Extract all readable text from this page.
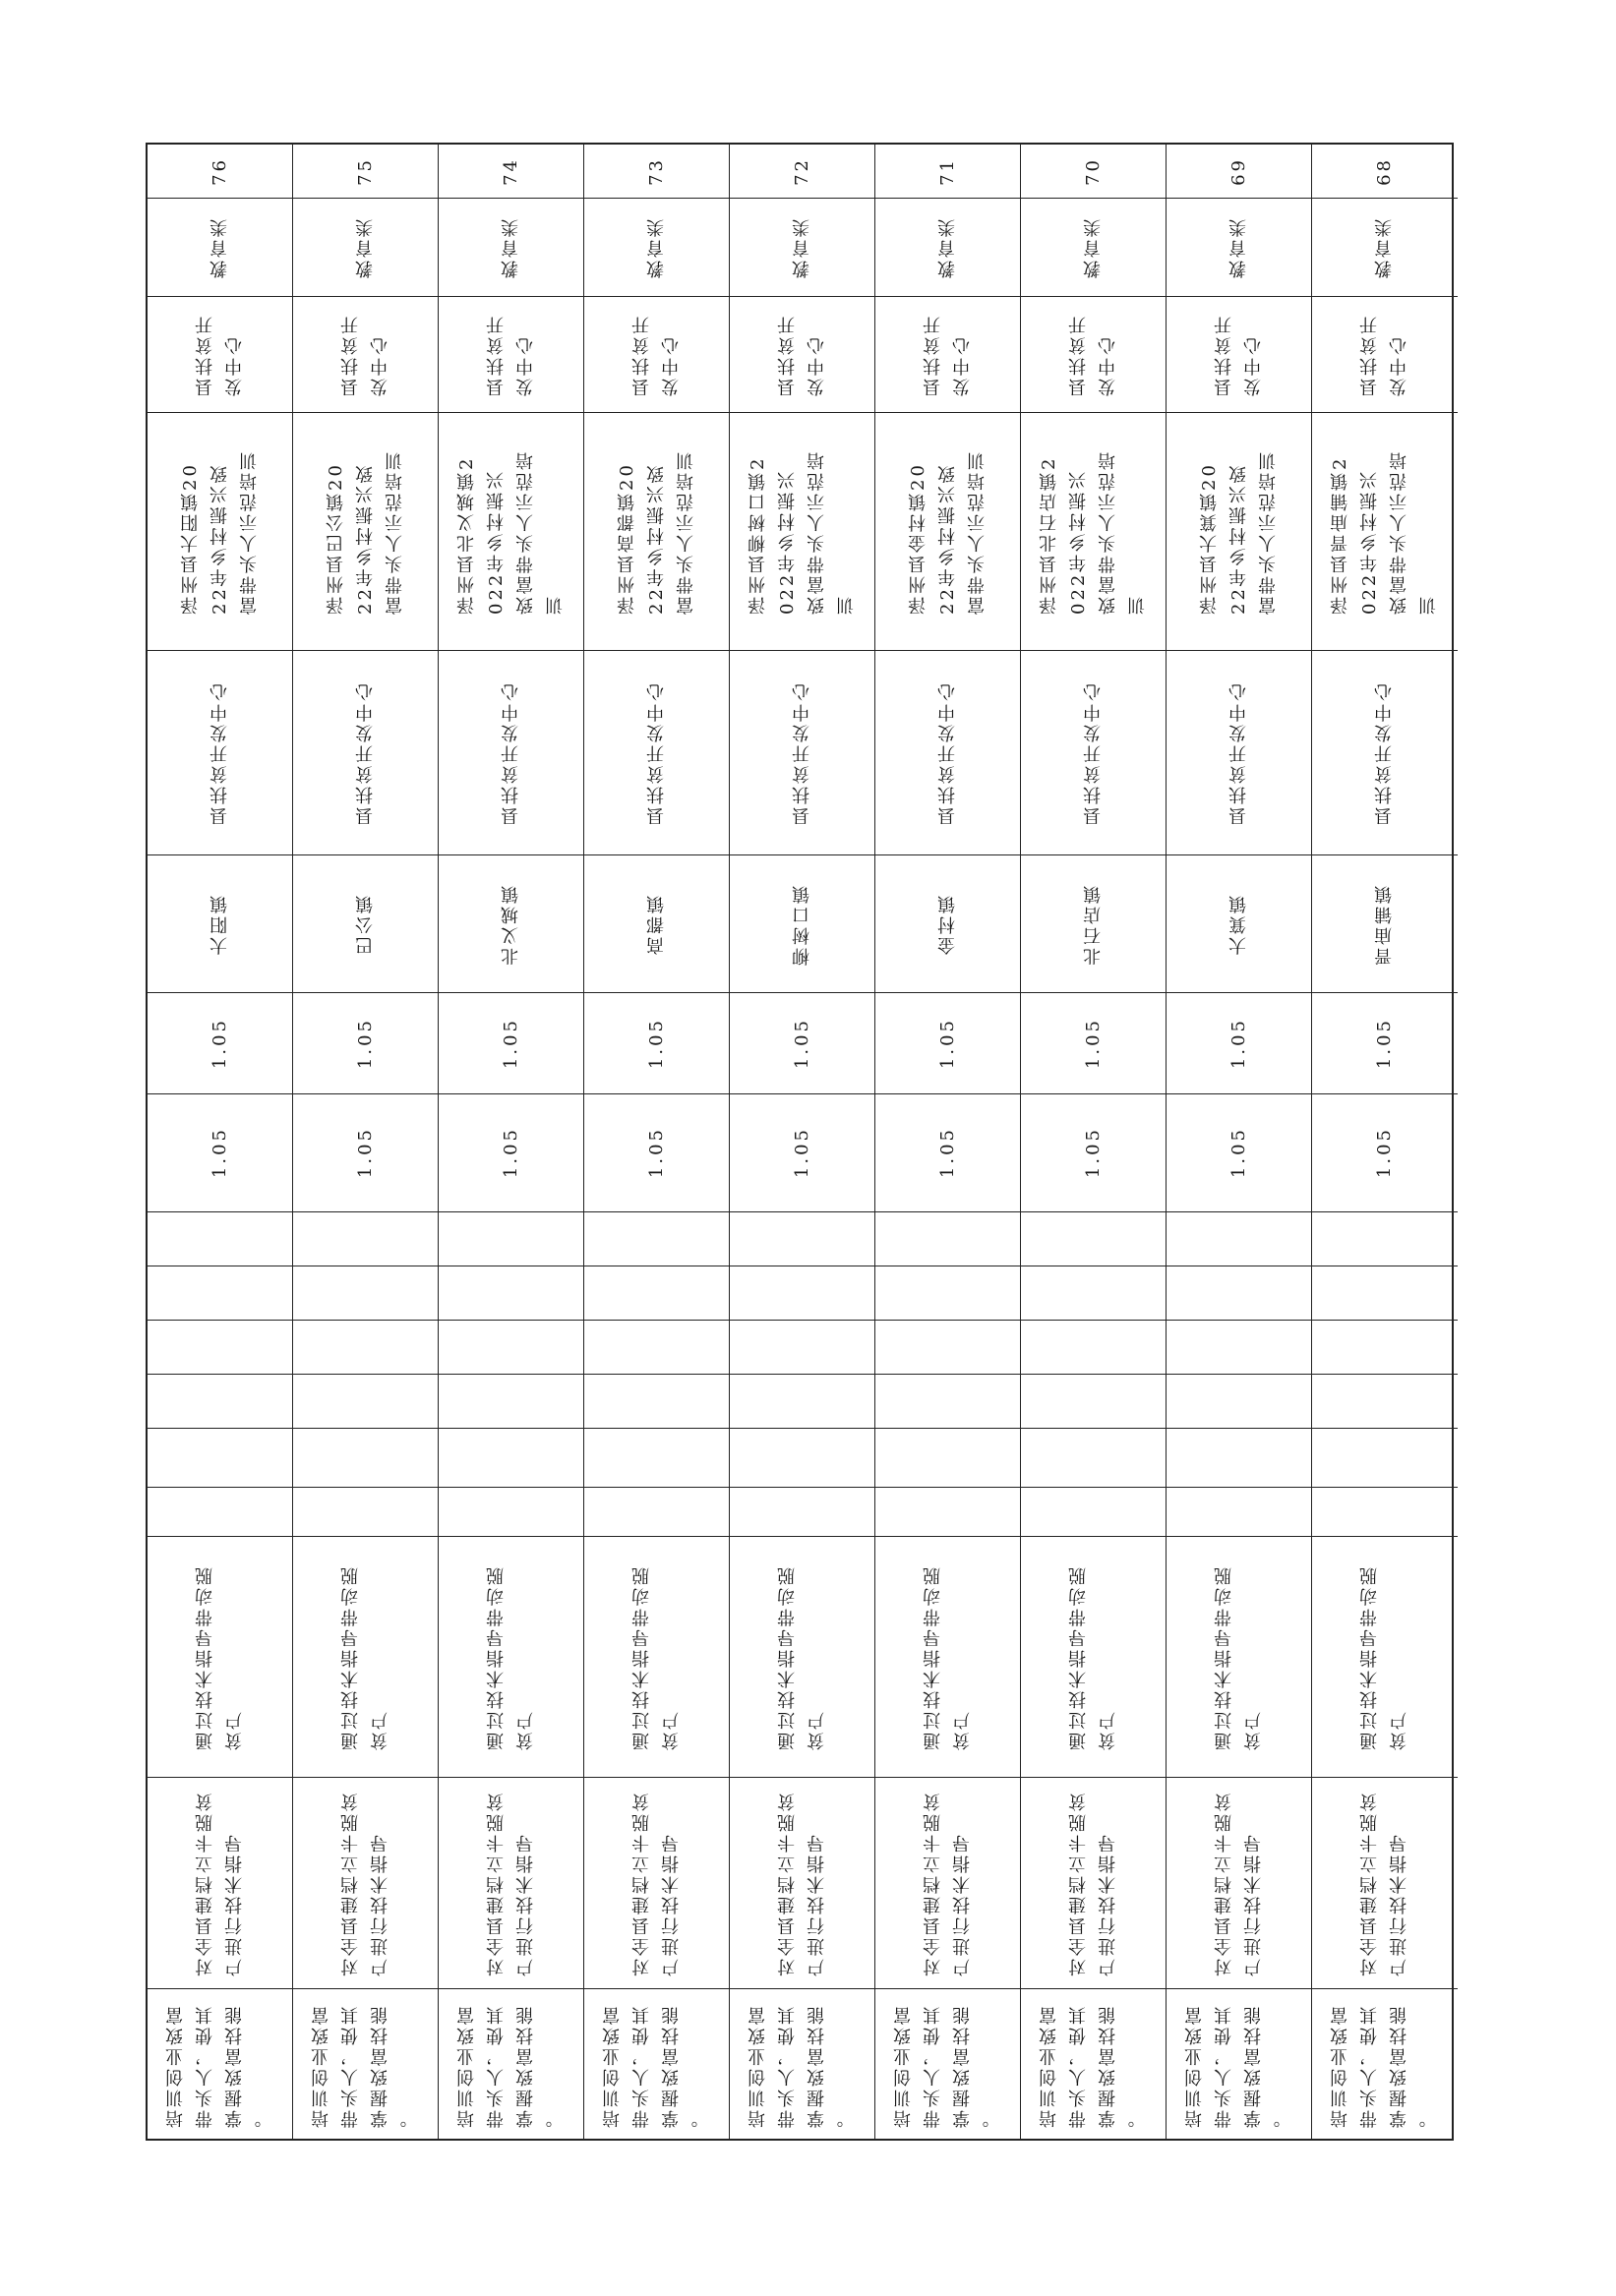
68
教育类
县扶贫开
发中心
泽州县晋庙铺镇2
022年乡村振兴
致富带头人示范培
训
县扶贫开发中心
晋庙铺镇
1.05
1.05
通过技术指导带动脱
贫户
对全县建档立卡脱贫
户进行技术指导
培训创业致富
带头人，使其
掌握致富技能
。
69
教育类
县扶贫开
发中心
泽州县大箕镇20
22年乡村振兴致
富带头人示范培训
县扶贫开发中心
大箕镇
1.05
1.05
通过技术指导带动脱
贫户
对全县建档立卡脱贫
户进行技术指导
培训创业致富
带头人，使其
掌握致富技能
。
70
教育类
县扶贫开
发中心
泽州县北石店镇2
022年乡村振兴
致富带头人示范培
训
县扶贫开发中心
北石店镇
1.05
1.05
通过技术指导带动脱
贫户
对全县建档立卡脱贫
户进行技术指导
培训创业致富
带头人，使其
掌握致富技能
。
71
教育类
县扶贫开
发中心
泽州县金村镇20
22年乡村振兴致
富带头人示范培训
县扶贫开发中心
金村镇
1.05
1.05
通过技术指导带动脱
贫户
对全县建档立卡脱贫
户进行技术指导
培训创业致富
带头人，使其
掌握致富技能
。
72
教育类
县扶贫开
发中心
泽州县柳树口镇2
022年乡村振兴
致富带头人示范培
训
县扶贫开发中心
柳树口镇
1.05
1.05
通过技术指导带动脱
贫户
对全县建档立卡脱贫
户进行技术指导
培训创业致富
带头人，使其
掌握致富技能
。
73
教育类
县扶贫开
发中心
泽州县高都镇20
22年乡村振兴致
富带头人示范培训
县扶贫开发中心
高都镇
1.05
1.05
通过技术指导带动脱
贫户
对全县建档立卡脱贫
户进行技术指导
培训创业致富
带头人，使其
掌握致富技能
。
74
教育类
县扶贫开
发中心
泽州县北义城镇2
022年乡村振兴
致富带头人示范培
训
县扶贫开发中心
北义城镇
1.05
1.05
通过技术指导带动脱
贫户
对全县建档立卡脱贫
户进行技术指导
培训创业致富
带头人，使其
掌握致富技能
。
75
教育类
县扶贫开
发中心
泽州县巴公镇20
22年乡村振兴致
富带头人示范培训
县扶贫开发中心
巴公镇
1.05
1.05
通过技术指导带动脱
贫户
对全县建档立卡脱贫
户进行技术指导
培训创业致富
带头人，使其
掌握致富技能
。
76
教育类
县扶贫开
发中心
泽州县大阳镇20
22年乡村振兴致
富带头人示范培训
县扶贫开发中心
大阳镇
1.05
1.05
通过技术指导带动脱
贫户
对全县建档立卡脱贫
户进行技术指导
培训创业致富
带头人，使其
掌握致富技能
。
